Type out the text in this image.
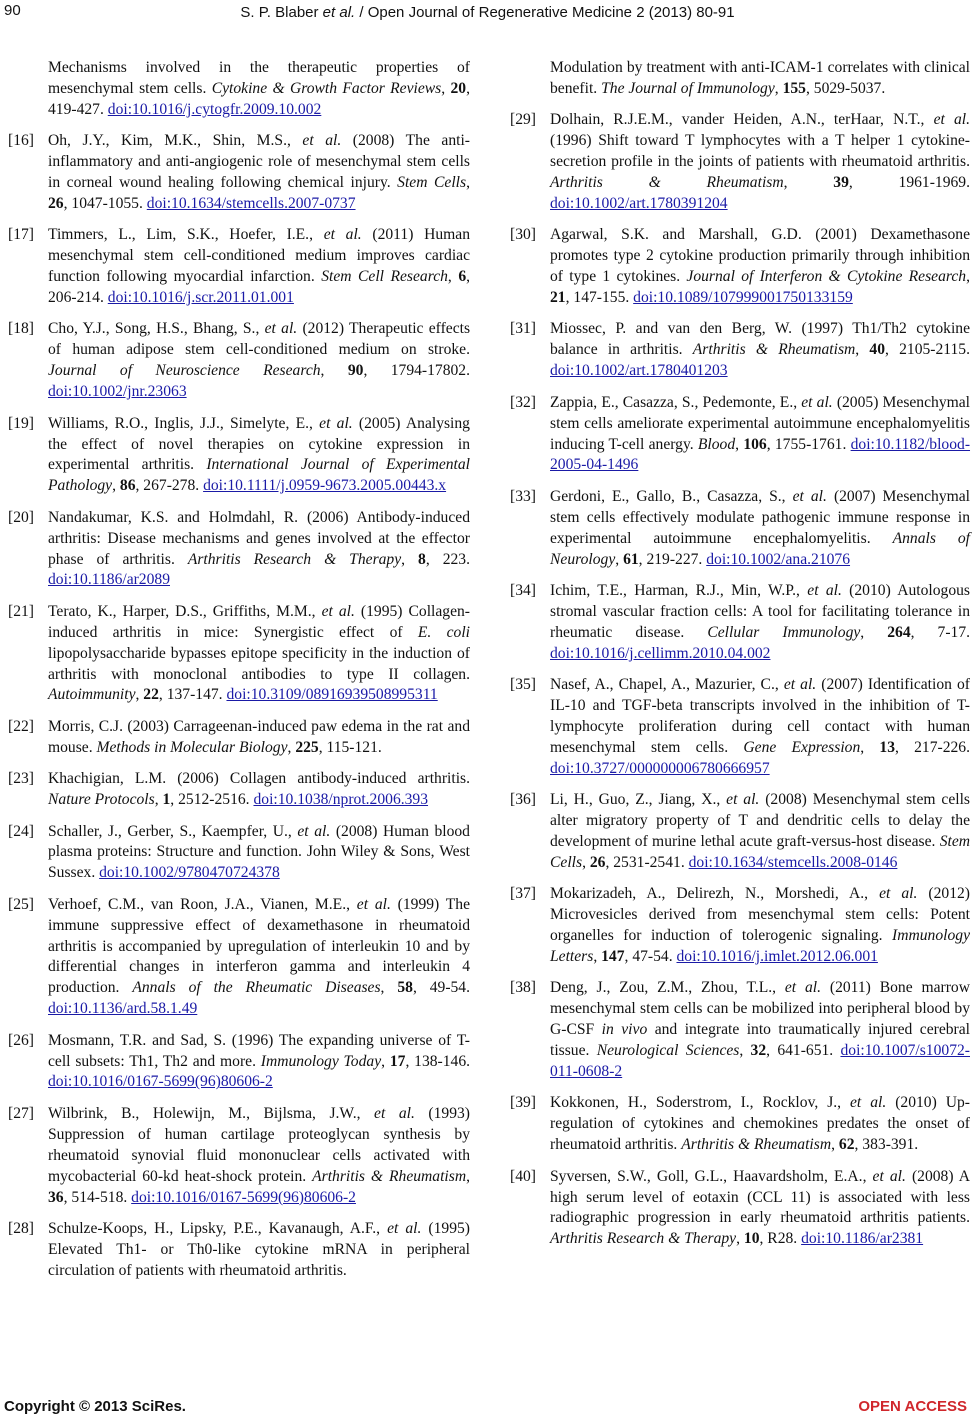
90	S. P. Blaber et al. / Open Journal of Regenerative Medicine 2 (2013) 80-91
Mechanisms involved in the therapeutic properties of mesenchymal stem cells. Cytokine & Growth Factor Reviews, 20, 419-427. doi:10.1016/j.cytogfr.2009.10.002
[16] Oh, J.Y., Kim, M.K., Shin, M.S., et al. (2008) The anti-inflammatory and anti-angiogenic role of mesenchymal stem cells in corneal wound healing following chemical injury. Stem Cells, 26, 1047-1055. doi:10.1634/stemcells.2007-0737
[17] Timmers, L., Lim, S.K., Hoefer, I.E., et al. (2011) Human mesenchymal stem cell-conditioned medium improves cardiac function following myocardial infarction. Stem Cell Research, 6, 206-214. doi:10.1016/j.scr.2011.01.001
[18] Cho, Y.J., Song, H.S., Bhang, S., et al. (2012) Therapeutic effects of human adipose stem cell-conditioned medium on stroke. Journal of Neuroscience Research, 90, 1794-17802. doi:10.1002/jnr.23063
[19] Williams, R.O., Inglis, J.J., Simelyte, E., et al. (2005) Analysing the effect of novel therapies on cytokine expression in experimental arthritis. International Journal of Experimental Pathology, 86, 267-278. doi:10.1111/j.0959-9673.2005.00443.x
[20] Nandakumar, K.S. and Holmdahl, R. (2006) Antibody-induced arthritis: Disease mechanisms and genes involved at the effector phase of arthritis. Arthritis Research & Therapy, 8, 223. doi:10.1186/ar2089
[21] Terato, K., Harper, D.S., Griffiths, M.M., et al. (1995) Collagen-induced arthritis in mice: Synergistic effect of E. coli lipopolysaccharide bypasses epitope specificity in the induction of arthritis with monoclonal antibodies to type II collagen. Autoimmunity, 22, 137-147. doi:10.3109/08916939508995311
[22] Morris, C.J. (2003) Carrageenan-induced paw edema in the rat and mouse. Methods in Molecular Biology, 225, 115-121.
[23] Khachigian, L.M. (2006) Collagen antibody-induced arthritis. Nature Protocols, 1, 2512-2516. doi:10.1038/nprot.2006.393
[24] Schaller, J., Gerber, S., Kaempfer, U., et al. (2008) Human blood plasma proteins: Structure and function. John Wiley & Sons, West Sussex. doi:10.1002/9780470724378
[25] Verhoef, C.M., van Roon, J.A., Vianen, M.E., et al. (1999) The immune suppressive effect of dexamethasone in rheumatoid arthritis is accompanied by upregulation of interleukin 10 and by differential changes in interferon gamma and interleukin 4 production. Annals of the Rheumatic Diseases, 58, 49-54. doi:10.1136/ard.58.1.49
[26] Mosmann, T.R. and Sad, S. (1996) The expanding universe of T-cell subsets: Th1, Th2 and more. Immunology Today, 17, 138-146. doi:10.1016/0167-5699(96)80606-2
[27] Wilbrink, B., Holewijn, M., Bijlsma, J.W., et al. (1993) Suppression of human cartilage proteoglycan synthesis by rheumatoid synovial fluid mononuclear cells activated with mycobacterial 60-kd heat-shock protein. Arthritis & Rheumatism, 36, 514-518. doi:10.1016/0167-5699(96)80606-2
[28] Schulze-Koops, H., Lipsky, P.E., Kavanaugh, A.F., et al. (1995) Elevated Th1- or Th0-like cytokine mRNA in peripheral circulation of patients with rheumatoid arthritis.
Modulation by treatment with anti-ICAM-1 correlates with clinical benefit. The Journal of Immunology, 155, 5029-5037.
[29] Dolhain, R.J.E.M., vander Heiden, A.N., terHaar, N.T., et al. (1996) Shift toward T lymphocytes with a T helper 1 cytokine-secretion profile in the joints of patients with rheumatoid arthritis. Arthritis & Rheumatism, 39, 1961-1969. doi:10.1002/art.1780391204
[30] Agarwal, S.K. and Marshall, G.D. (2001) Dexamethasone promotes type 2 cytokine production primarily through inhibition of type 1 cytokines. Journal of Interferon & Cytokine Research, 21, 147-155. doi:10.1089/107999001750133159
[31] Miossec, P. and van den Berg, W. (1997) Th1/Th2 cytokine balance in arthritis. Arthritis & Rheumatism, 40, 2105-2115. doi:10.1002/art.1780401203
[32] Zappia, E., Casazza, S., Pedemonte, E., et al. (2005) Mesenchymal stem cells ameliorate experimental autoimmune encephalomyelitis inducing T-cell anergy. Blood, 106, 1755-1761. doi:10.1182/blood-2005-04-1496
[33] Gerdoni, E., Gallo, B., Casazza, S., et al. (2007) Mesenchymal stem cells effectively modulate pathogenic immune response in experimental autoimmune encephalomyelitis. Annals of Neurology, 61, 219-227. doi:10.1002/ana.21076
[34] Ichim, T.E., Harman, R.J., Min, W.P., et al. (2010) Autologous stromal vascular fraction cells: A tool for facilitating tolerance in rheumatic disease. Cellular Immunology, 264, 7-17. doi:10.1016/j.cellimm.2010.04.002
[35] Nasef, A., Chapel, A., Mazurier, C., et al. (2007) Identification of IL-10 and TGF-beta transcripts involved in the inhibition of T-lymphocyte proliferation during cell contact with human mesenchymal stem cells. Gene Expression, 13, 217-226. doi:10.3727/000000006780666957
[36] Li, H., Guo, Z., Jiang, X., et al. (2008) Mesenchymal stem cells alter migratory property of T and dendritic cells to delay the development of murine lethal acute graft-versus-host disease. Stem Cells, 26, 2531-2541. doi:10.1634/stemcells.2008-0146
[37] Mokarizadeh, A., Delirezh, N., Morshedi, A., et al. (2012) Microvesicles derived from mesenchymal stem cells: Potent organelles for induction of tolerogenic signaling. Immunology Letters, 147, 47-54. doi:10.1016/j.imlet.2012.06.001
[38] Deng, J., Zou, Z.M., Zhou, T.L., et al. (2011) Bone marrow mesenchymal stem cells can be mobilized into peripheral blood by G-CSF in vivo and integrate into traumatically injured cerebral tissue. Neurological Sciences, 32, 641-651. doi:10.1007/s10072-011-0608-2
[39] Kokkonen, H., Soderstrom, I., Rocklov, J., et al. (2010) Up-regulation of cytokines and chemokines predates the onset of rheumatoid arthritis. Arthritis & Rheumatism, 62, 383-391.
[40] Syversen, S.W., Goll, G.L., Haavardsholm, E.A., et al. (2008) A high serum level of eotaxin (CCL 11) is associated with less radiographic progression in early rheumatoid arthritis patients. Arthritis Research & Therapy, 10, R28. doi:10.1186/ar2381
Copyright © 2013 SciRes.	OPEN ACCESS
